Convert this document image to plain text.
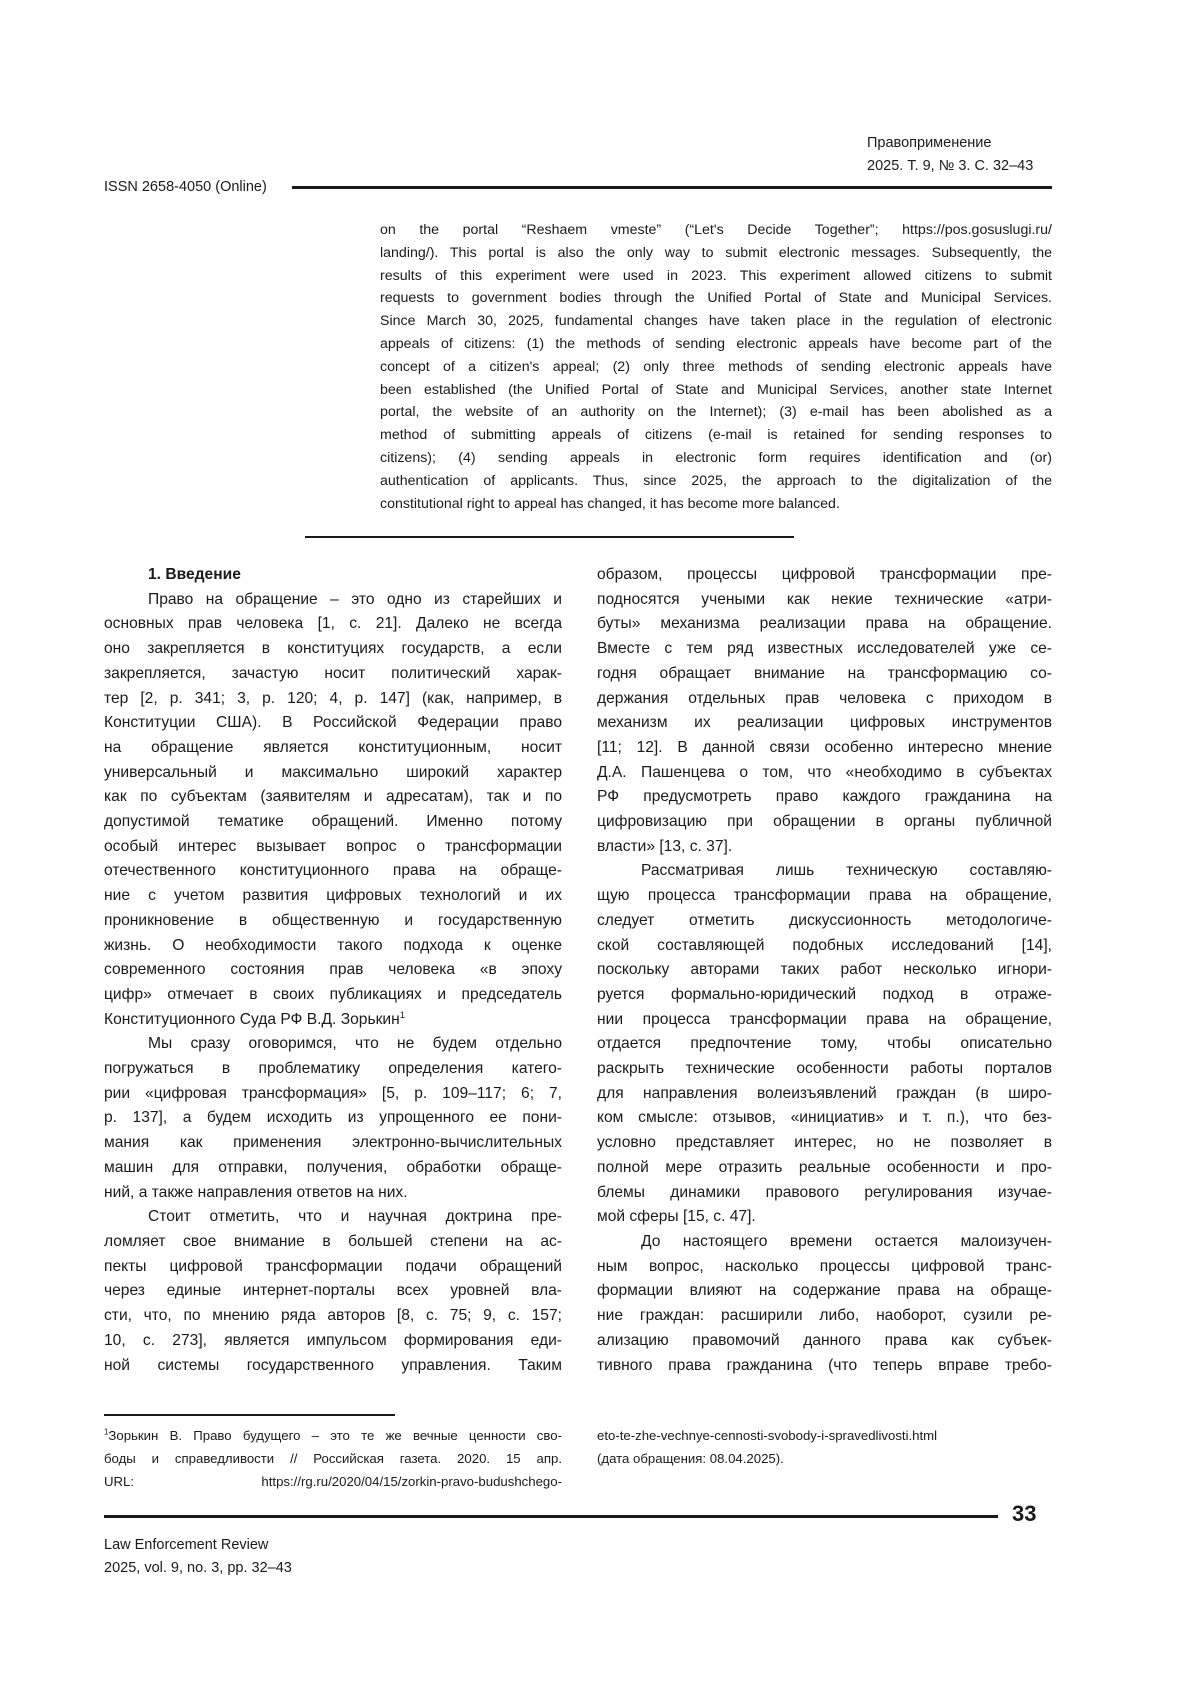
Правоприменение
2025. Т. 9, № 3. С. 32–43
ISSN 2658-4050 (Online)
on the portal “Reshaem vmeste” (“Let's Decide Together”; https://pos.gosuslugi.ru/
landing/). This portal is also the only way to submit electronic messages. Subsequently, the
results of this experiment were used in 2023. This experiment allowed citizens to submit
requests to government bodies through the Unified Portal of State and Municipal Services.
Since March 30, 2025, fundamental changes have taken place in the regulation of electronic
appeals of citizens: (1) the methods of sending electronic appeals have become part of the
concept of a citizen's appeal; (2) only three methods of sending electronic appeals have
been established (the Unified Portal of State and Municipal Services, another state Internet
portal, the website of an authority on the Internet); (3) e-mail has been abolished as a
method of submitting appeals of citizens (e-mail is retained for sending responses to
citizens); (4) sending appeals in electronic form requires identification and (or)
authentication of applicants. Thus, since 2025, the approach to the digitalization of the
constitutional right to appeal has changed, it has become more balanced.
1. Введение
Право на обращение – это одно из старейших и
основных прав человека [1, с. 21]. Далеко не всегда
оно закрепляется в конституциях государств, а если
закрепляется, зачастую носит политический харак-
тер [2, p. 341; 3, p. 120; 4, p. 147] (как, например, в
Конституции США). В Российской Федерации право
на обращение является конституционным, носит
универсальный и максимально широкий характер
как по субъектам (заявителям и адресатам), так и по
допустимой тематике обращений. Именно потому
особый интерес вызывает вопрос о трансформации
отечественного конституционного права на обраще-
ние с учетом развития цифровых технологий и их
проникновение в общественную и государственную
жизнь. О необходимости такого подхода к оценке
современного состояния прав человека «в эпоху
цифр» отмечает в своих публикациях и председатель
Конституционного Суда РФ В.Д. Зорькин$^1$
Мы сразу оговоримся, что не будем отдельно
погружаться в проблематику определения катего-
рии «цифровая трансформация» [5, p. 109–117; 6; 7,
p. 137], а будем исходить из упрощенного ее пони-
мания как применения электронно-вычислительных
машин для отправки, получения, обработки обраще-
ний, а также направления ответов на них.
Стоит отметить, что и научная доктрина пре-
ломляет свое внимание в большей степени на ас-
пекты цифровой трансформации подачи обращений
через единые интернет-порталы всех уровней вла-
сти, что, по мнению ряда авторов [8, с. 75; 9, с. 157;
10, с. 273], является импульсом формирования еди-
ной системы государственного управления. Таким
образом, процессы цифровой трансформации пре-
подносятся учеными как некие технические «атри-
буты» механизма реализации права на обращение.
Вместе с тем ряд известных исследователей уже се-
годня обращает внимание на трансформацию со-
держания отдельных прав человека с приходом в
механизм их реализации цифровых инструментов
[11; 12]. В данной связи особенно интересно мнение
Д.А. Пашенцева о том, что «необходимо в субъектах
РФ предусмотреть право каждого гражданина на
цифровизацию при обращении в органы публичной
власти» [13, с. 37].
Рассматривая лишь техническую составляю-
щую процесса трансформации права на обращение,
следует отметить дискуссионность методологиче-
ской составляющей подобных исследований [14],
поскольку авторами таких работ несколько игнори-
руется формально-юридический подход в отраже-
нии процесса трансформации права на обращение,
отдается предпочтение тому, чтобы описательно
раскрыть технические особенности работы порталов
для направления волеизъявлений граждан (в широ-
ком смысле: отзывов, «инициатив» и т. п.), что без-
условно представляет интерес, но не позволяет в
полной мере отразить реальные особенности и про-
блемы динамики правового регулирования изучае-
мой сферы [15, с. 47].
До настоящего времени остается малоизучен-
ным вопрос, насколько процессы цифровой транс-
формации влияют на содержание права на обраще-
ние граждан: расширили либо, наоборот, сузили ре-
ализацию правомочий данного права как субъек-
тивного права гражданина (что теперь вправе требо-
$^1$Зорькин В. Право будущего – это те же вечные ценности сво-
боды и справедливости // Российская газета. 2020. 15 апр.
URL: https://rg.ru/2020/04/15/zorkin-pravo-budushchego-
eto-te-zhe-vechnye-cennosti-svobody-i-spravedlivosti.html
(дата обращения: 08.04.2025).
33
Law Enforcement Review
2025, vol. 9, no. 3, pp. 32–43
